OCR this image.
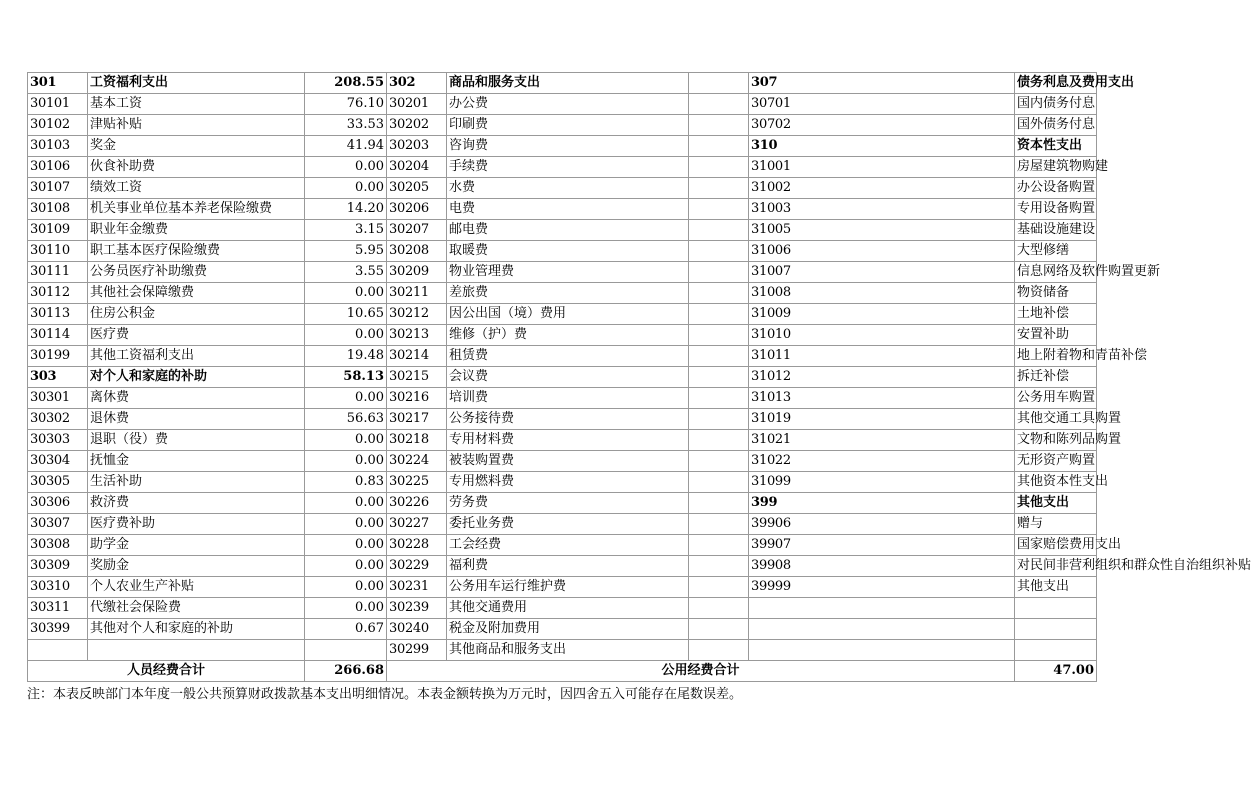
301	工资福利支出	208.55	302	商品和服务支出			307	债务利息及费用支出	
30101	基本工资	76.10	30201	办公费			30701	国内债务付息	
30102	津贴补贴	33.53	30202	印刷费			30702	国外债务付息	
30103	奖金	41.94	30203	咨询费			310	资本性支出	
30106	伙食补助费	0.00	30204	手续费			31001	房屋建筑物购建	
30107	绩效工资	0.00	30205	水费			31002	办公设备购置	
30108	机关事业单位基本养老保险缴费	14.20	30206	电费			31003	专用设备购置	
30109	职业年金缴费	3.15	30207	邮电费			31005	基础设施建设	
30110	职工基本医疗保险缴费	5.95	30208	取暖费			31006	大型修缮	
30111	公务员医疗补助缴费	3.55	30209	物业管理费			31007	信息网络及软件购置更新	
30112	其他社会保障缴费	0.00	30211	差旅费			31008	物资储备	
30113	住房公积金	10.65	30212	因公出国（境）费用			31009	土地补偿	
30114	医疗费	0.00	30213	维修（护）费			31010	安置补助	
30199	其他工资福利支出	19.48	30214	租赁费			31011	地上附着物和青苗补偿	
303	对个人和家庭的补助	58.13	30215	会议费			31012	拆迁补偿	
30301	离休费	0.00	30216	培训费			31013	公务用车购置	
30302	退休费	56.63	30217	公务接待费			31019	其他交通工具购置	
30303	退职（役）费	0.00	30218	专用材料费			31021	文物和陈列品购置	
30304	抚恤金	0.00	30224	被装购置费			31022	无形资产购置	
30305	生活补助	0.83	30225	专用燃料费			31099	其他资本性支出	
30306	救济费	0.00	30226	劳务费			399	其他支出	
30307	医疗费补助	0.00	30227	委托业务费			39906	赠与	
30308	助学金	0.00	30228	工会经费			39907	国家赔偿费用支出	
30309	奖励金	0.00	30229	福利费			39908	对民间非营利组织和群众性自治组织补贴	
30310	个人农业生产补贴	0.00	30231	公务用车运行维护费			39999	其他支出	
30311	代缴社会保险费	0.00	30239	其他交通费用					
30399	其他对个人和家庭的补助	0.67	30240	税金及附加费用					
			30299	其他商品和服务支出					
人员经费合计		266.68	公用经费合计				47.00	
注：本表反映部门本年度一般公共预算财政拨款基本支出明细情况。本表金额转换为万元时，因四舍五入可能存在尾数误差。
